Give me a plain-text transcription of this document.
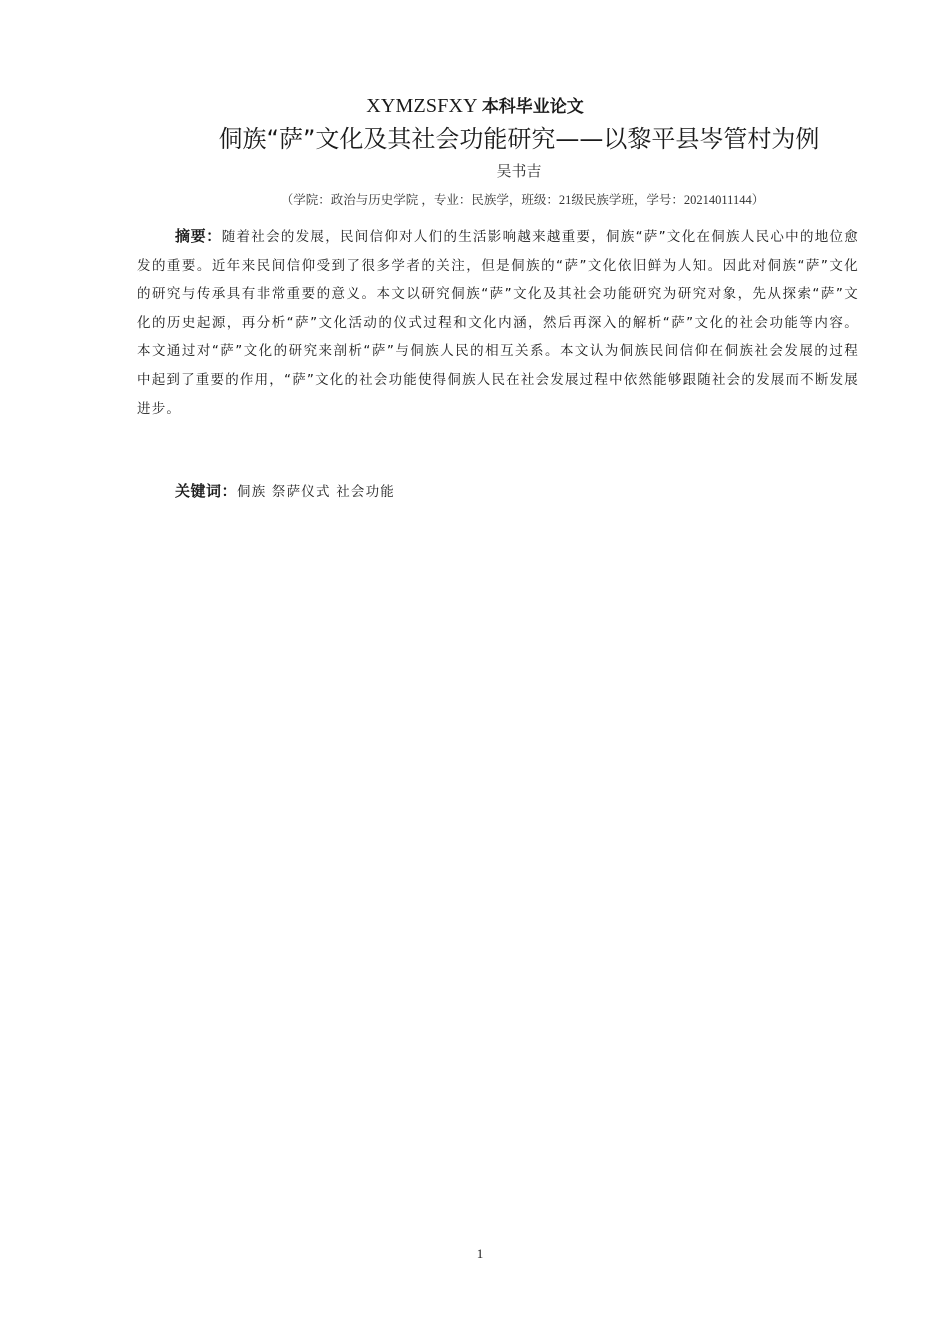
XYMZSFXY 本科毕业论文
侗族“萨”文化及其社会功能研究——以黎平县岑管村为例
吴书吉
（学院：政治与历史学院 ，专业：民族学，班级：21级民族学班，学号：20214011144）

摘要：随着社会的发展，民间信仰对人们的生活影响越来越重要，侗族“萨”文化在侗族人民心中的地位愈发的重要。近年来民间信仰受到了很多学者的关注，但是侗族的“萨”文化依旧鲜为人知。因此对侗族“萨”文化的研究与传承具有非常重要的意义。本文以研究侗族“萨”文化及其社会功能研究为研究对象，先从探索“萨”文化的历史起源，再分析“萨”文化活动的仪式过程和文化内涵，然后再深入的解析“萨”文化的社会功能等内容。本文通过对“萨”文化的研究来剖析“萨”与侗族人民的相互关系。本文认为侗族民间信仰在侗族社会发展的过程中起到了重要的作用，“萨”文化的社会功能使得侗族人民在社会发展过程中依然能够跟随社会的发展而不断发展进步。

关键词：侗族 祭萨仪式 社会功能
1
